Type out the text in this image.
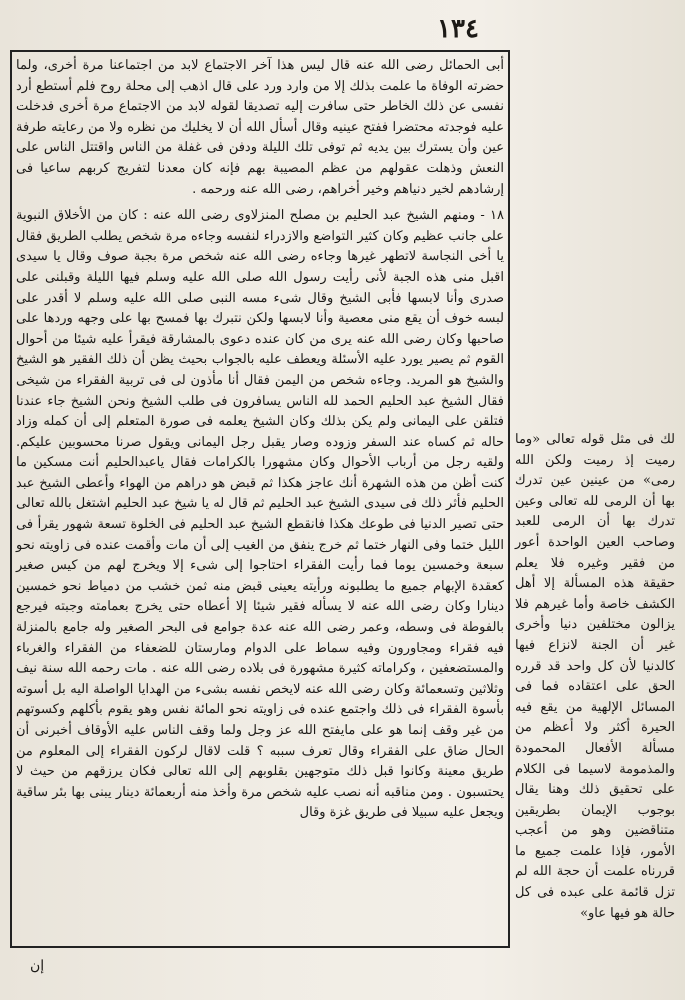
١٣٤

أبى الحمائل رضى الله عنه قال ليس هذا آخر الاجتماع لابد من اجتماعنا مرة أخرى، ولما حضرته الوفاة ما علمت بذلك إلا من وارد ورد على قال اذهب إلى محلة روح فلم أستطع أرد نفسى عن ذلك الخاطر حتى سافرت إليه تصديقا لقوله لابد من الاجتماع مرة أخرى فدخلت عليه فوجدته محتضرا ففتح عينيه وقال أسأل الله أن لا يخليك من نظره ولا من رعايته طرفة عين وأن يسترك بين يديه ثم توفى تلك الليلة ودفن فى غفلة من الناس واقتتل الناس على النعش وذهلت عقولهم من عظم المصيبة بهم فإنه كان معدنا لتفريج كربهم ساعيا فى إرشادهم لخير دنياهم وخير أخراهم، رضى الله عنه ورحمه .

١٨ - ومنهم الشيخ عبد الحليم بن مصلح المنزلاوى رضى الله عنه : كان من الأخلاق النبوية على جانب عظيم وكان كثير التواضع والازدراء لنفسه وجاءه مرة شخص يطلب الطريق فقال يا أخى النجاسة لاتطهر غيرها وجاءه رضى الله عنه شخص مرة بجبة صوف وقال يا سيدى اقبل منى هذه الجبة لأنى رأيت رسول الله صلى الله عليه وسلم فيها الليلة وقبلنى على صدرى وأنا لابسها فأبى الشيخ وقال شىء مسه النبى صلى الله عليه وسلم لا أقدر على لبسه خوف أن يقع منى معصية وأنا لابسها ولكن نتبرك بها فمسح بها على وجهه وردها على صاحبها وكان رضى الله عنه يرى من كان عنده دعوى بالمشارقة فيقرأ عليه شيئا من أحوال القوم ثم يصير يورد عليه الأسئلة ويعطف عليه بالجواب بحيث يظن أن ذلك الفقير هو الشيخ والشيخ هو المريد. وجاءه شخص من اليمن فقال أنا مأذون لى فى تربية الفقراء من شيخى فقال الشيخ عبد الحليم الحمد لله الناس يسافرون فى طلب الشيخ ونحن الشيخ جاء عندنا فتلقن على اليمانى ولم يكن بذلك وكان الشيخ يعلمه فى صورة المتعلم إلى أن كمله وزاد حاله ثم كساه عند السفر وزوده وصار يقبل رجل اليمانى ويقول صرنا محسوبين عليكم. ولقيه رجل من أرباب الأحوال وكان مشهورا بالكرامات فقال ياعبدالحليم أنت مسكين ما كنت أظن من هذه الشهرة أنك عاجز هكذا ثم قبض هو دراهم من الهواء وأعطى الشيخ عبد الحليم فأثر ذلك فى سيدى الشيخ عبد الحليم ثم قال له يا شيخ عبد الحليم اشتغل بالله تعالى حتى تصير الدنيا فى طوعك هكذا فانقطع الشيخ عبد الحليم فى الخلوة تسعة شهور يقرأ فى الليل ختما وفى النهار ختما ثم خرج ينفق من الغيب إلى أن مات وأقمت عنده فى زاويته نحو سبعة وخمسين يوما فما رأيت الفقراء احتاجوا إلى شىء إلا ويخرج لهم من كيس صغير كعقدة الإبهام جميع ما يطلبونه ورأيته يعينى قبض منه ثمن خشب من دمياط نحو خمسين دينارا وكان رضى الله عنه لا يسأله فقير شيئا إلا أعطاه حتى يخرج بعمامته وجبته فيرجع بالفوطة فى وسطه، وعمر رضى الله عنه عدة جوامع فى البحر الصغير وله جامع بالمنزلة فيه فقراء ومجاورون وفيه سماط على الدوام ومارستان للضعفاء من الفقراء والغرباء والمستضعفين ، وكراماته كثيرة مشهورة فى بلاده رضى الله عنه . مات رحمه الله سنة نيف وثلاثين وتسعمائة وكان رضى الله عنه لايخص نفسه بشىء من الهدايا الواصلة اليه بل أسوته بأسوة الفقراء فى ذلك واجتمع عنده فى زاويته نحو المائة نفس وهو يقوم بأكلهم وكسوتهم من غير وقف إنما هو على مايفتح الله عز وجل ولما وقف الناس عليه الأوقاف أخبرنى أن الحال ضاق على الفقراء وقال تعرف سببه ؟ قلت لاقال لركون الفقراء إلى المعلوم من طريق معينة وكانوا قبل ذلك متوجهين بقلوبهم إلى الله تعالى فكان يرزقهم من حيث لا يحتسبون . ومن مناقبه أنه نصب عليه شخص مرة وأخذ منه أربعمائة دينار يبنى بها بئر ساقية ويجعل عليه سبيلا فى طريق غزة وقال

لك فى مثل قوله تعالى «وما رميت إذ رميت ولكن الله رمى» من عينين عين تدرك بها أن الرمى لله تعالى وعين تدرك بها أن الرمى للعبد وصاحب العين الواحدة أعور من فقير وغيره فلا يعلم حقيقة هذه المسألة إلا أهل الكشف خاصة وأما غيرهم فلا يزالون مختلفين دنيا وأخرى غير أن الجنة لانزاع فيها كالدنيا لأن كل واحد قد قرره الحق على اعتقاده فما فى المسائل الإلهية من يقع فيه الحيرة أكثر ولا أعظم من مسألة الأفعال المحمودة والمذمومة لاسيما فى الكلام على تحقيق ذلك وهنا يقال بوجوب الإيمان بطريقين متناقضين وهو من أعجب الأمور، فإذا علمت جميع ما قررناه علمت أن حجة الله لم تزل قائمة على عبده فى كل حالة هو فيها عاو»
إن
